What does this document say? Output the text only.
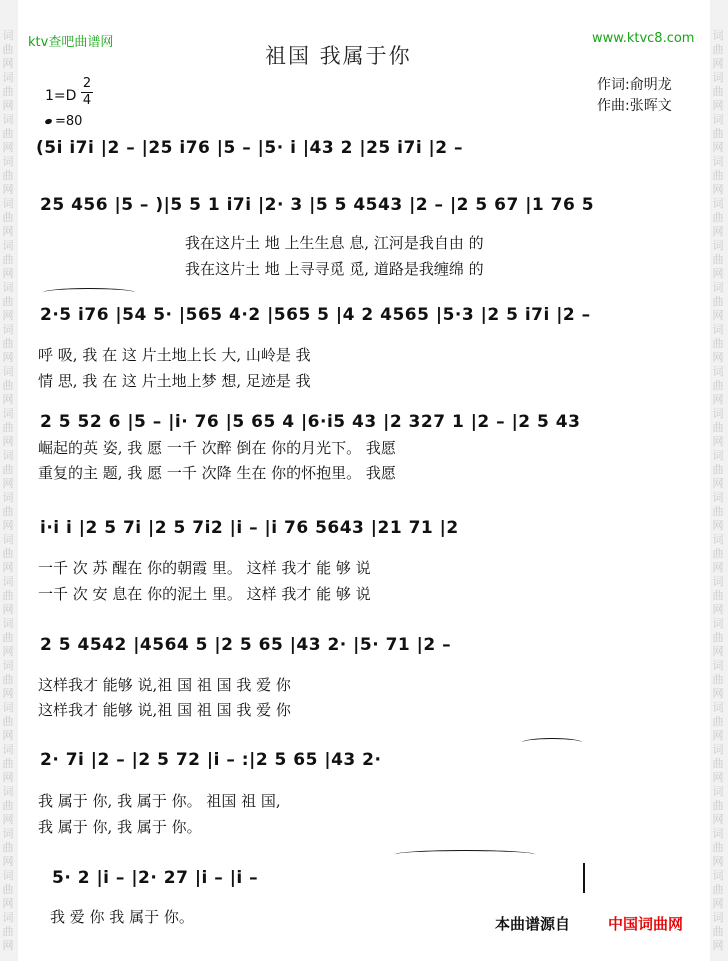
词
曲
网
词
曲
网
词
曲
网
词
曲
网
词
曲
网
词
曲
网
词
曲
网
词
曲
网
词
曲
网
词
曲
网
词
曲
网
词
曲
网
词
曲
网
词
曲
网
词
曲
网
词
曲
网
词
曲
网
词
曲
网
词
曲
网
词
曲
网
词
曲
网
词
曲
网
词
曲
网
词
曲
网
词
曲
网
词
曲
网
词
曲
网
词
曲
网
词
曲
网
词
曲
网
词
曲
网
词
曲
网
词
曲
网
词
曲
网
词
曲
网
词
曲
网
词
曲
网
词
曲
网
词
曲
网
词
曲
网
词
曲
网
词
曲
网
词
曲
网
词
曲
网
ktv查吧曲谱网	www.ktvc8.com
祖国 我属于你
作词:俞明龙
作曲:张晖文
1=D
2
4
=80
(5i i7i |2 – |25 i76 |5 – |5· i |43 2 |25 i7i |2 –
25 456 |5 – )|5 5 1 i7i |2· 3 |5 5 4543 |2 – |2 5 67 |1 76 5
我在这片土 地 上生生息 息, 江河是我自由 的
我在这片土 地 上寻寻觅 觅, 道路是我缠绵 的
2·5 i76 |54 5· |565 4·2 |565 5 |4 2 4565 |5·3 |2 5 i7i |2 –
呼 吸, 我 在 这 片土地上长 大, 山岭是 我
情 思, 我 在 这 片土地上梦 想, 足迹是 我
2 5 52 6 |5 – |i· 76 |5 65 4 |6·i5 43 |2 327 1 |2 – |2 5 43
崛起的英 姿, 我 愿 一千 次醉 倒在 你的月光下。 我愿
重复的主 题, 我 愿 一千 次降 生在 你的怀抱里。 我愿
i·i i |2 5 7i |2 5 7i2 |i – |i 76 5643 |21 71 |2
一千 次 苏 醒在 你的朝霞 里。 这样 我才 能 够 说
一千 次 安 息在 你的泥土 里。 这样 我才 能 够 说
2 5 4542 |4564 5 |2 5 65 |43 2· |5· 71 |2 –
这样我才 能够 说,祖 国 祖 国 我 爱 你
这样我才 能够 说,祖 国 祖 国 我 爱 你
2· 7i |2 – |2 5 72 |i – :|2 5 65 |43 2·
我 属于 你, 我 属于 你。 祖国 祖 国,
我 属于 你, 我 属于 你。
5· 2 |i – |2· 27 |i – |i –
我 爱 你 我 属于 你。	本曲谱源自	中国词曲网
